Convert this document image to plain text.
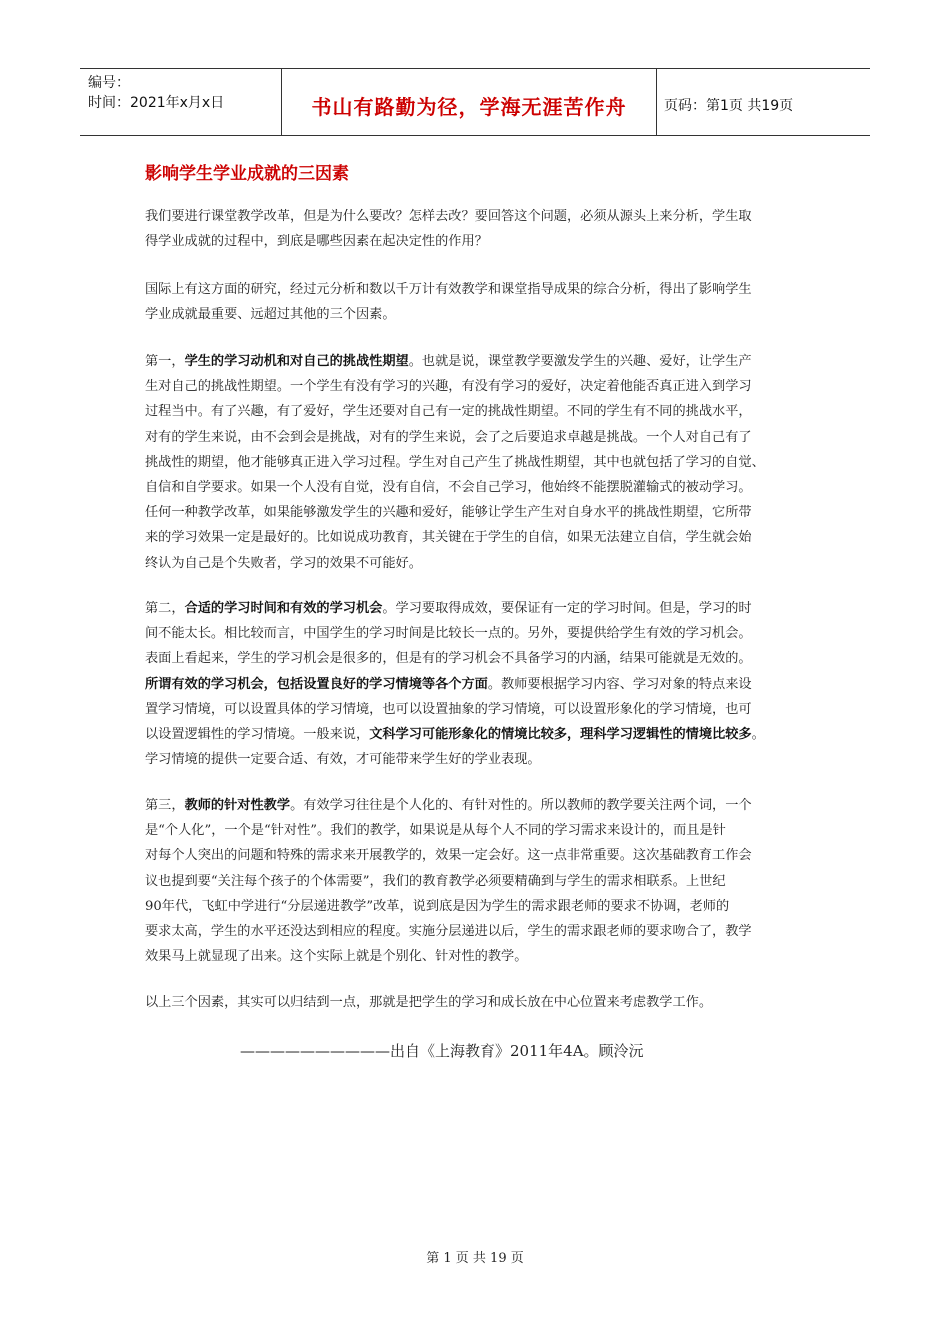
编号：
时间：2021年x月x日	书山有路勤为径，学海无涯苦作舟	页码：第1页 共19页
影响学生学业成就的三因素
我们要进行课堂教学改革，但是为什么要改？怎样去改？要回答这个问题，必须从源头上来分析，学生取
得学业成就的过程中，到底是哪些因素在起决定性的作用？
国际上有这方面的研究，经过元分析和数以千万计有效教学和课堂指导成果的综合分析，得出了影响学生
学业成就最重要、远超过其他的三个因素。
第一，学生的学习动机和对自己的挑战性期望。也就是说，课堂教学要激发学生的兴趣、爱好，让学生产
生对自己的挑战性期望。一个学生有没有学习的兴趣，有没有学习的爱好，决定着他能否真正进入到学习
过程当中。有了兴趣，有了爱好，学生还要对自己有一定的挑战性期望。不同的学生有不同的挑战水平，
对有的学生来说，由不会到会是挑战，对有的学生来说，会了之后要追求卓越是挑战。一个人对自己有了
挑战性的期望，他才能够真正进入学习过程。学生对自己产生了挑战性期望，其中也就包括了学习的自觉、
自信和自学要求。如果一个人没有自觉，没有自信，不会自己学习，他始终不能摆脱灌输式的被动学习。
任何一种教学改革，如果能够激发学生的兴趣和爱好，能够让学生产生对自身水平的挑战性期望，它所带
来的学习效果一定是最好的。比如说成功教育，其关键在于学生的自信，如果无法建立自信，学生就会始
终认为自己是个失败者，学习的效果不可能好。
第二，合适的学习时间和有效的学习机会。学习要取得成效，要保证有一定的学习时间。但是，学习的时
间不能太长。相比较而言，中国学生的学习时间是比较长一点的。另外，要提供给学生有效的学习机会。
表面上看起来，学生的学习机会是很多的，但是有的学习机会不具备学习的内涵，结果可能就是无效的。
所谓有效的学习机会，包括设置良好的学习情境等各个方面。教师要根据学习内容、学习对象的特点来设
置学习情境，可以设置具体的学习情境，也可以设置抽象的学习情境，可以设置形象化的学习情境，也可
以设置逻辑性的学习情境。一般来说，文科学习可能形象化的情境比较多，理科学习逻辑性的情境比较多。
学习情境的提供一定要合适、有效，才可能带来学生好的学业表现。
第三，教师的针对性教学。有效学习往往是个人化的、有针对性的。所以教师的教学要关注两个词，一个
是“个人化”，一个是“针对性”。我们的教学，如果说是从每个人不同的学习需求来设计的，而且是针
对每个人突出的问题和特殊的需求来开展教学的，效果一定会好。这一点非常重要。这次基础教育工作会
议也提到要“关注每个孩子的个体需要”，我们的教育教学必须要精确到与学生的需求相联系。上世纪
90年代，飞虹中学进行“分层递进教学”改革，说到底是因为学生的需求跟老师的要求不协调，老师的
要求太高，学生的水平还没达到相应的程度。实施分层递进以后，学生的需求跟老师的要求吻合了，教学
效果马上就显现了出来。这个实际上就是个别化、针对性的教学。
以上三个因素，其实可以归结到一点，那就是把学生的学习和成长放在中心位置来考虑教学工作。
——————————出自《上海教育》2011年4A。顾泠沅
第 1 页 共 19 页
